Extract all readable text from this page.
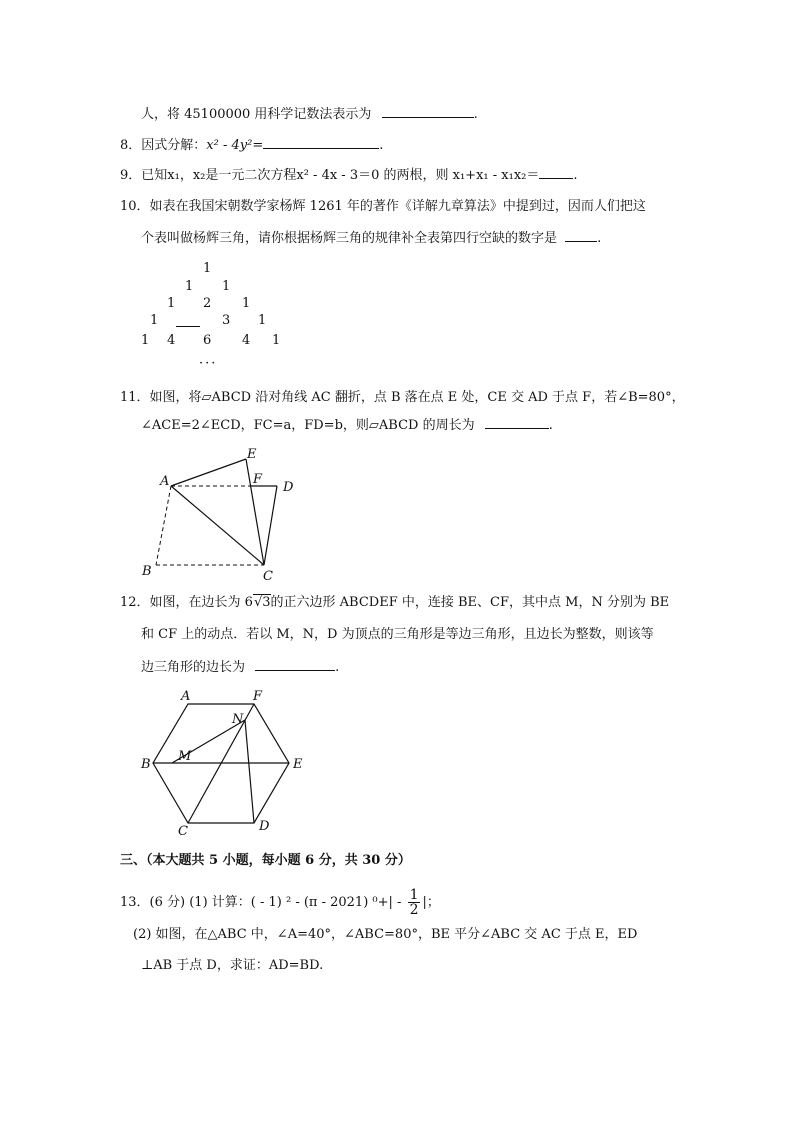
人，将 45100000 用科学记数法表示为	.
8．因式分解：x² - 4y²=	.
9．已知x₁，x₂是一元二次方程x² - 4x - 3＝0 的两根，则 x₁+x₁ - x₁x₂＝	.
10．如表在我国宋朝数学家杨辉 1261 年的著作《详解九章算法》中提到过，因而人们把这
个表叫做杨辉三角，请你根据杨辉三角的规律补全表第四行空缺的数字是	.
1
1 1
1 2 1
1	3 1
1 4 6 4 1
···
11．如图，将▱ABCD 沿对角线 AC 翻折，点 B 落在点 E 处，CE 交 AD 于点 F，若∠B=80°，
∠ACE=2∠ECD，FC=a，FD=b，则▱ABCD 的周长为	.
A
E
F
D
B	C
12．如图，在边长为 6√3的正六边形 ABCDEF 中，连接 BE、CF，其中点 M，N 分别为 BE
和 CF 上的动点．若以 M，N，D 为顶点的三角形是等边三角形，且边长为整数，则该等
边三角形的边长为	.
A	F
N
M
B	E
C	D
三、（本大题共 5 小题，每小题 6 分，共 30 分）
13．(6 分) (1) 计算：( - 1) ² - (π - 2021) $^0+| - \frac{1}{2}$ |；
(2) 如图，在△ABC 中，∠A=40°，∠ABC=80°，BE 平分∠ABC 交 AC 于点 E，ED
⊥AB 于点 D，求证：AD=BD.
